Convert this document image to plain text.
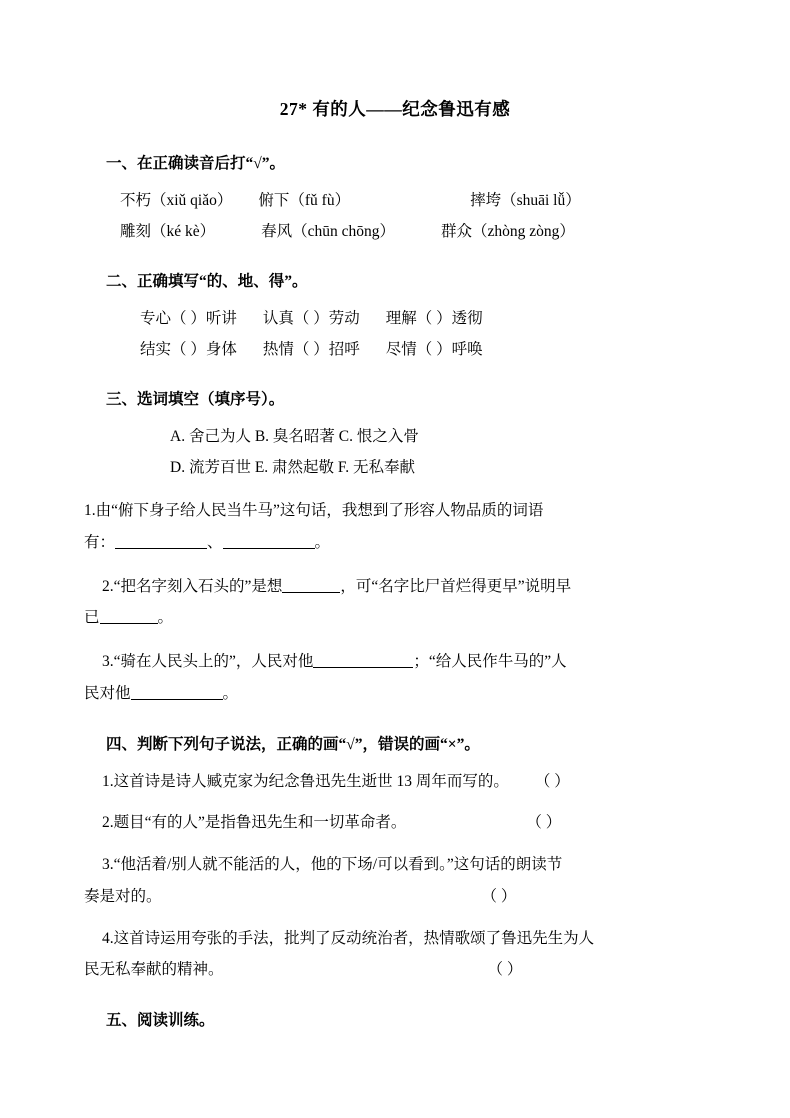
27* 有的人——纪念鲁迅有感
一、在正确读音后打“√”。

不朽（xiǔ qiǎo） 俯下（fǔ fù）	摔垮（shuāi lǚ）

雕刻（ké kè）	春风（chūn chōng）	群众（zhòng zòng）

二、正确填写“的、地、得”。

专心（ ）听讲 认真（ ）劳动 理解（ ）透彻

结实（ ）身体 热情（ ）招呼 尽情（ ）呼唤

三、选词填空（填序号）。

A. 舍己为人 B. 臭名昭著 C. 恨之入骨

D. 流芳百世 E. 肃然起敬 F. 无私奉献

1.由“俯下身子给人民当牛马”这句话，我想到了形容人物品质的词语

有：	、	。

2.“把名字刻入石头的”是想	，可“名字比尸首烂得更早”说明早

已	。

3.“骑在人民头上的”，人民对他	；“给人民作牛马的”人

民对他	。

四、判断下列句子说法，正确的画“√”，错误的画“×”。

1.这首诗是诗人臧克家为纪念鲁迅先生逝世 13 周年而写的。 （ ）

2.题目“有的人”是指鲁迅先生和一切革命者。	（ ）

3.“他活着/别人就不能活的人，他的下场/可以看到。”这句话的朗读节

奏是对的。	（ ）

4.这首诗运用夸张的手法，批判了反动统治者，热情歌颂了鲁迅先生为人

民无私奉献的精神。	（ ）

五、阅读训练。
